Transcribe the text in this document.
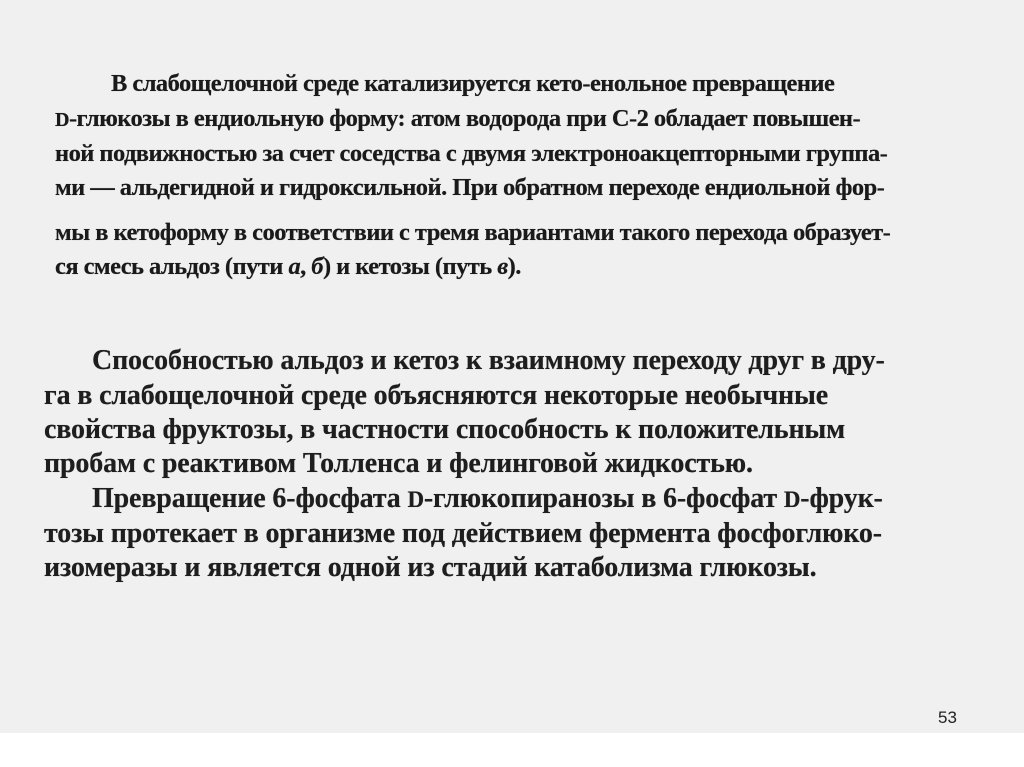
В слабощелочной среде катализируется кето-енольное превращение

D-глюкозы в ендиольную форму: атом водорода при С-2 обладает повышен-

ной подвижностью за счет соседства с двумя электроноакцепторными группа-

ми — альдегидной и гидроксильной. При обратном переходе ендиольной фор-

мы в кетоформу в соответствии с тремя вариантами такого перехода образует-

ся смесь альдоз (пути а, б) и кетозы (путь в).

Способностью альдоз и кетоз к взаимному переходу друг в дру-

га в слабощелочной среде объясняются некоторые необычные

свойства фруктозы, в частности способность к положительным

пробам с реактивом Толленса и фелинговой жидкостью.

Превращение 6-фосфата D-глюкопиранозы в 6-фосфат D-фрук-

тозы протекает в организме под действием фермента фосфоглюко-

изомеразы и является одной из стадий катаболизма глюкозы.

53
